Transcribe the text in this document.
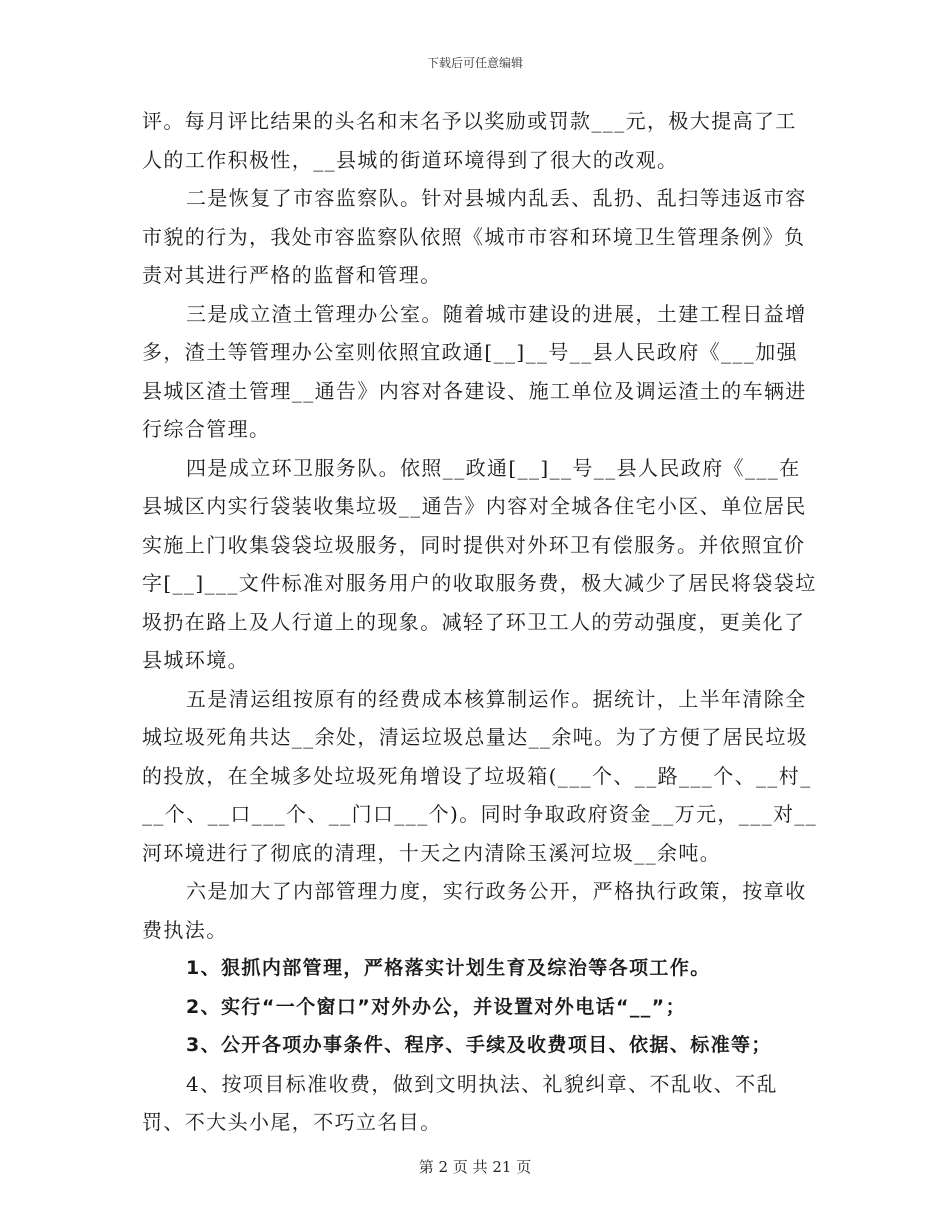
下载后可任意编辑

评。每月评比结果的头名和末名予以奖励或罚款___元，极大提高了工人的工作积极性，__县城的街道环境得到了很大的改观。

二是恢复了市容监察队。针对县城内乱丢、乱扔、乱扫等违返市容市貌的行为，我处市容监察队依照《城市市容和环境卫生管理条例》负责对其进行严格的监督和管理。

三是成立渣土管理办公室。随着城市建设的进展，土建工程日益增多，渣土等管理办公室则依照宜政通[__]__号__县人民政府《___加强县城区渣土管理__通告》内容对各建设、施工单位及调运渣土的车辆进行综合管理。

四是成立环卫服务队。依照__政通[__]__号__县人民政府《___在县城区内实行袋装收集垃圾__通告》内容对全城各住宅小区、单位居民实施上门收集袋袋垃圾服务，同时提供对外环卫有偿服务。并依照宜价字[__]___文件标准对服务用户的收取服务费，极大减少了居民将袋袋垃圾扔在路上及人行道上的现象。减轻了环卫工人的劳动强度，更美化了县城环境。

五是清运组按原有的经费成本核算制运作。据统计，上半年清除全城垃圾死角共达__余处，清运垃圾总量达__余吨。为了方便了居民垃圾的投放，在全城多处垃圾死角增设了垃圾箱(___个、__路___个、__村___个、__口___个、__门口___个)。同时争取政府资金__万元，___对__河环境进行了彻底的清理，十天之内清除玉溪河垃圾__余吨。

六是加大了内部管理力度，实行政务公开，严格执行政策，按章收费执法。

1、狠抓内部管理，严格落实计划生育及综治等各项工作。

2、实行“一个窗口”对外办公，并设置对外电话“__”；

3、公开各项办事条件、程序、手续及收费项目、依据、标准等；

4、按项目标准收费，做到文明执法、礼貌纠章、不乱收、不乱罚、不大头小尾，不巧立名目。

第 2 页 共 21 页
